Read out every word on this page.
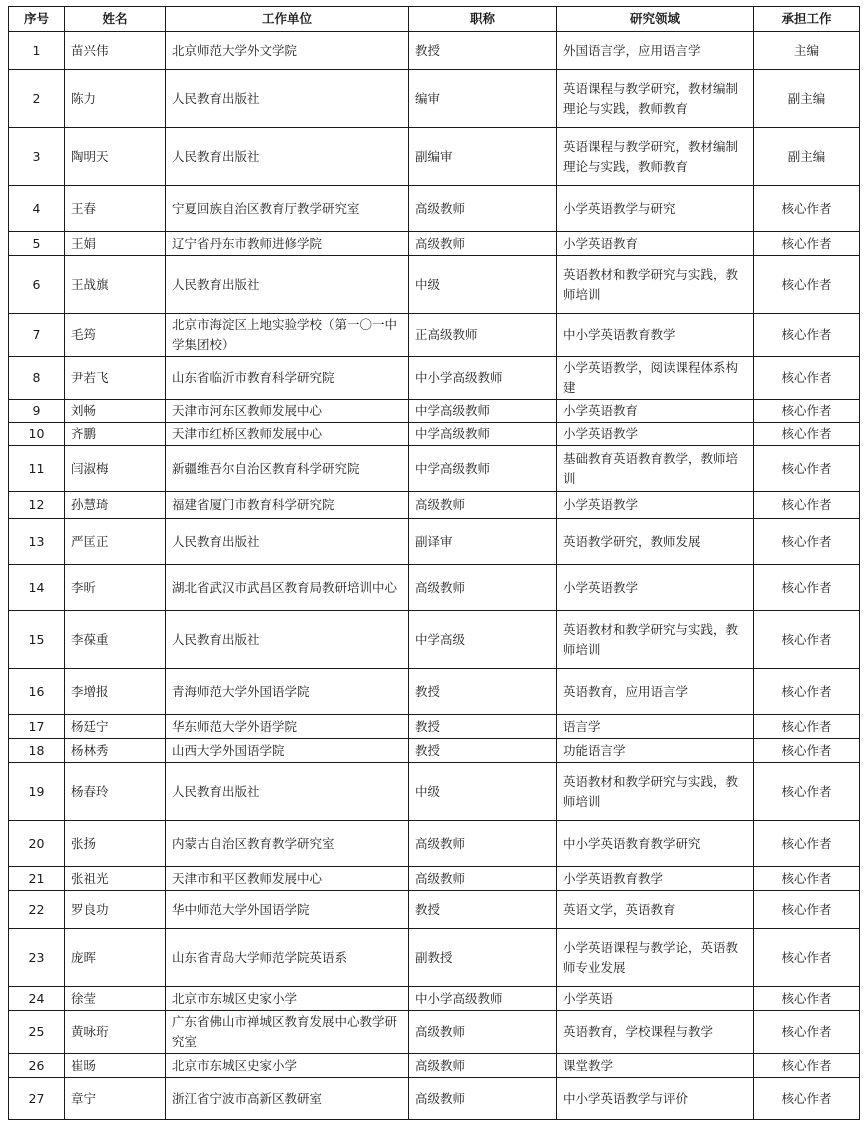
序号	姓名	工作单位	职称	研究领域	承担工作
1	苗兴伟	北京师范大学外文学院	教授	外国语言学，应用语言学	主编
2	陈力	人民教育出版社	编审	英语课程与教学研究，教材编制理论与实践，教师教育	副主编
3	陶明天	人民教育出版社	副编审	英语课程与教学研究，教材编制理论与实践，教师教育	副主编
4	王春	宁夏回族自治区教育厅教学研究室	高级教师	小学英语教学与研究	核心作者
5	王娟	辽宁省丹东市教师进修学院	高级教师	小学英语教育	核心作者
6	王战旗	人民教育出版社	中级	英语教材和教学研究与实践，教师培训	核心作者
7	毛筠	北京市海淀区上地实验学校（第一〇一中学集团校）	正高级教师	中小学英语教育教学	核心作者
8	尹若飞	山东省临沂市教育科学研究院	中小学高级教师	小学英语教学，阅读课程体系构建	核心作者
9	刘畅	天津市河东区教师发展中心	中学高级教师	小学英语教育	核心作者
10	齐鹏	天津市红桥区教师发展中心	中学高级教师	小学英语教学	核心作者
11	闫淑梅	新疆维吾尔自治区教育科学研究院	中学高级教师	基础教育英语教育教学，教师培训	核心作者
12	孙慧琦	福建省厦门市教育科学研究院	高级教师	小学英语教学	核心作者
13	严匡正	人民教育出版社	副译审	英语教学研究，教师发展	核心作者
14	李昕	湖北省武汉市武昌区教育局教研培训中心	高级教师	小学英语教学	核心作者
15	李葆重	人民教育出版社	中学高级	英语教材和教学研究与实践，教师培训	核心作者
16	李增报	青海师范大学外国语学院	教授	英语教育，应用语言学	核心作者
17	杨廷宁	华东师范大学外语学院	教授	语言学	核心作者
18	杨林秀	山西大学外国语学院	教授	功能语言学	核心作者
19	杨春玲	人民教育出版社	中级	英语教材和教学研究与实践，教师培训	核心作者
20	张扬	内蒙古自治区教育教学研究室	高级教师	中小学英语教育教学研究	核心作者
21	张祖光	天津市和平区教师发展中心	高级教师	小学英语教育教学	核心作者
22	罗良功	华中师范大学外国语学院	教授	英语文学，英语教育	核心作者
23	庞晖	山东省青岛大学师范学院英语系	副教授	小学英语课程与教学论，英语教师专业发展	核心作者
24	徐莹	北京市东城区史家小学	中小学高级教师	小学英语	核心作者
25	黄咏珩	广东省佛山市禅城区教育发展中心教学研究室	高级教师	英语教育，学校课程与教学	核心作者
26	崔旸	北京市东城区史家小学	高级教师	课堂教学	核心作者
27	章宁	浙江省宁波市高新区教研室	高级教师	中小学英语教学与评价	核心作者
